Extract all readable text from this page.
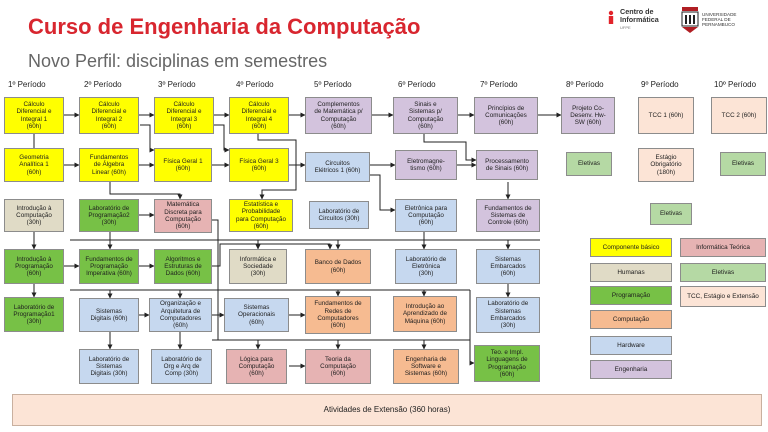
Curso de Engenharia da Computação
Novo Perfil: disciplinas em semestres
Centro de Informática
UFPE
UNIVERSIDADE FEDERAL DE PERNAMBUCO
1º Período	2º Período	3º Período	4º Período	5º Período	6º Período	7º Período	8º Período	9º Período	10º Período
Cálculo
Diferencial e
Integral 1
(60h)
Cálculo
Diferencial e
Integral 2
(60h)
Cálculo
Diferencial e
Integral 3
(60h)
Cálculo
Diferencial e
Integral 4
(60h)
Complementos
de Matemática p/
Computação
(60h)
Sinais e
Sistemas p/
Computação
(60h)
Princípios de
Comunicações
(60h)
Projeto Co-
Desenv. Hw-
SW (60h)
TCC 1 (60h)	TCC 2 (60h)
Geometria
Analítica 1
(60h)
Fundamentos
de Álgebra
Linear (60h)
Física Geral 1
(60h)
Física Geral 3
(60h)
Circuitos
Elétricos 1 (60h)
Eletromagne-
tismo (60h)
Processamento
de Sinais (60h)
Eletivas
Estágio
Obrigatório
(180h)
Eletivas
Introdução à
Computação
(30h)
Laboratório de
Programação2
(30h)
Matemática
Discreta para
Computação
(60h)
Estatística e
Probabilidade
para Computação
(60h)
Laboratório de
Circuitos (30h)
Eletrônica para
Computação
(60h)
Fundamentos de
Sistemas de
Controle (60h)
Eletivas
Introdução à
Programação
(60h)
Fundamentos de
Programação
Imperativa (60h)
Algoritmos e
Estruturas de
Dados (60h)
Informática e
Sociedade
(30h)
Banco de Dados
(60h)
Laboratório de
Eletrônica
(30h)
Sistemas
Embarcados
(60h)
Laboratório de
Programação1
(30h)
Sistemas
Digitais (60h)
Organização e
Arquitetura de
Computadores
(60h)
Sistemas
Operacionais
(60h)
Fundamentos de
Redes de
Computadores
(60h)
Introdução ao
Aprendizado de
Máquina (60h)
Laboratório de
Sistemas
Embarcados
(30h)
Laboratório de
Sistemas
Digitais (30h)
Laboratório de
Org e Arq de
Comp (30h)
Lógica para
Computação
(60h)
Teoria da
Computação
(60h)
Engenharia de
Software e
Sistemas (60h)
Teo. e Impl.
Linguagens de
Programação
(60h)
Componente básico	Informática Teórica
Humanas	Eletivas
Programação	TCC, Estágio e Extensão
Computação
Hardware
Engenharia
Atividades de Extensão (360 horas)
